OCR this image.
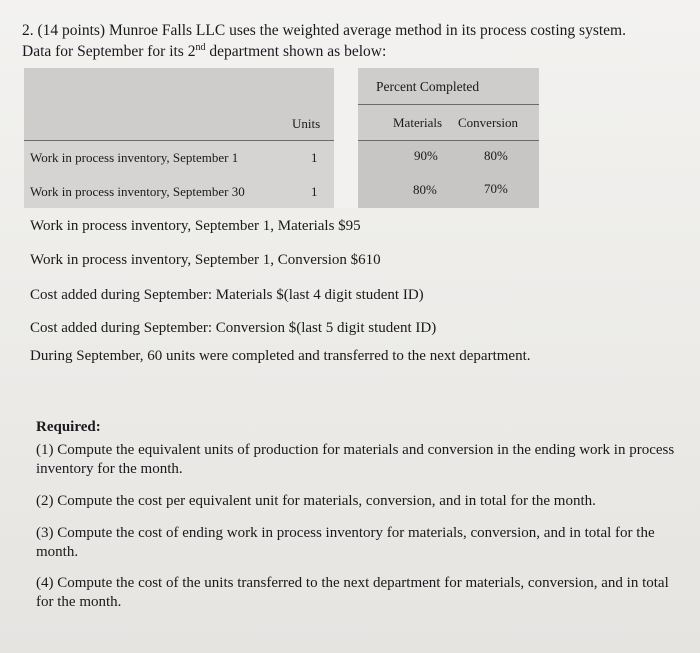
2. (14 points) Munroe Falls LLC uses the weighted average method in its process costing system.
Data for September for its 2nd department shown as below:
Percent Completed
Units	Materials Conversion
Work in process inventory, September 1	1	90%	80%
Work in process inventory, September 30	1	80%	70%
Work in process inventory, September 1, Materials $95
Work in process inventory, September 1, Conversion $610
Cost added during September: Materials $(last 4 digit student ID)
Cost added during September: Conversion $(last 5 digit student ID)
During September, 60 units were completed and transferred to the next department.
Required:
(1) Compute the equivalent units of production for materials and conversion in the ending work in process inventory for the month.
(2) Compute the cost per equivalent unit for materials, conversion, and in total for the month.
(3) Compute the cost of ending work in process inventory for materials, conversion, and in total for the month.
(4) Compute the cost of the units transferred to the next department for materials, conversion, and in total for the month.
